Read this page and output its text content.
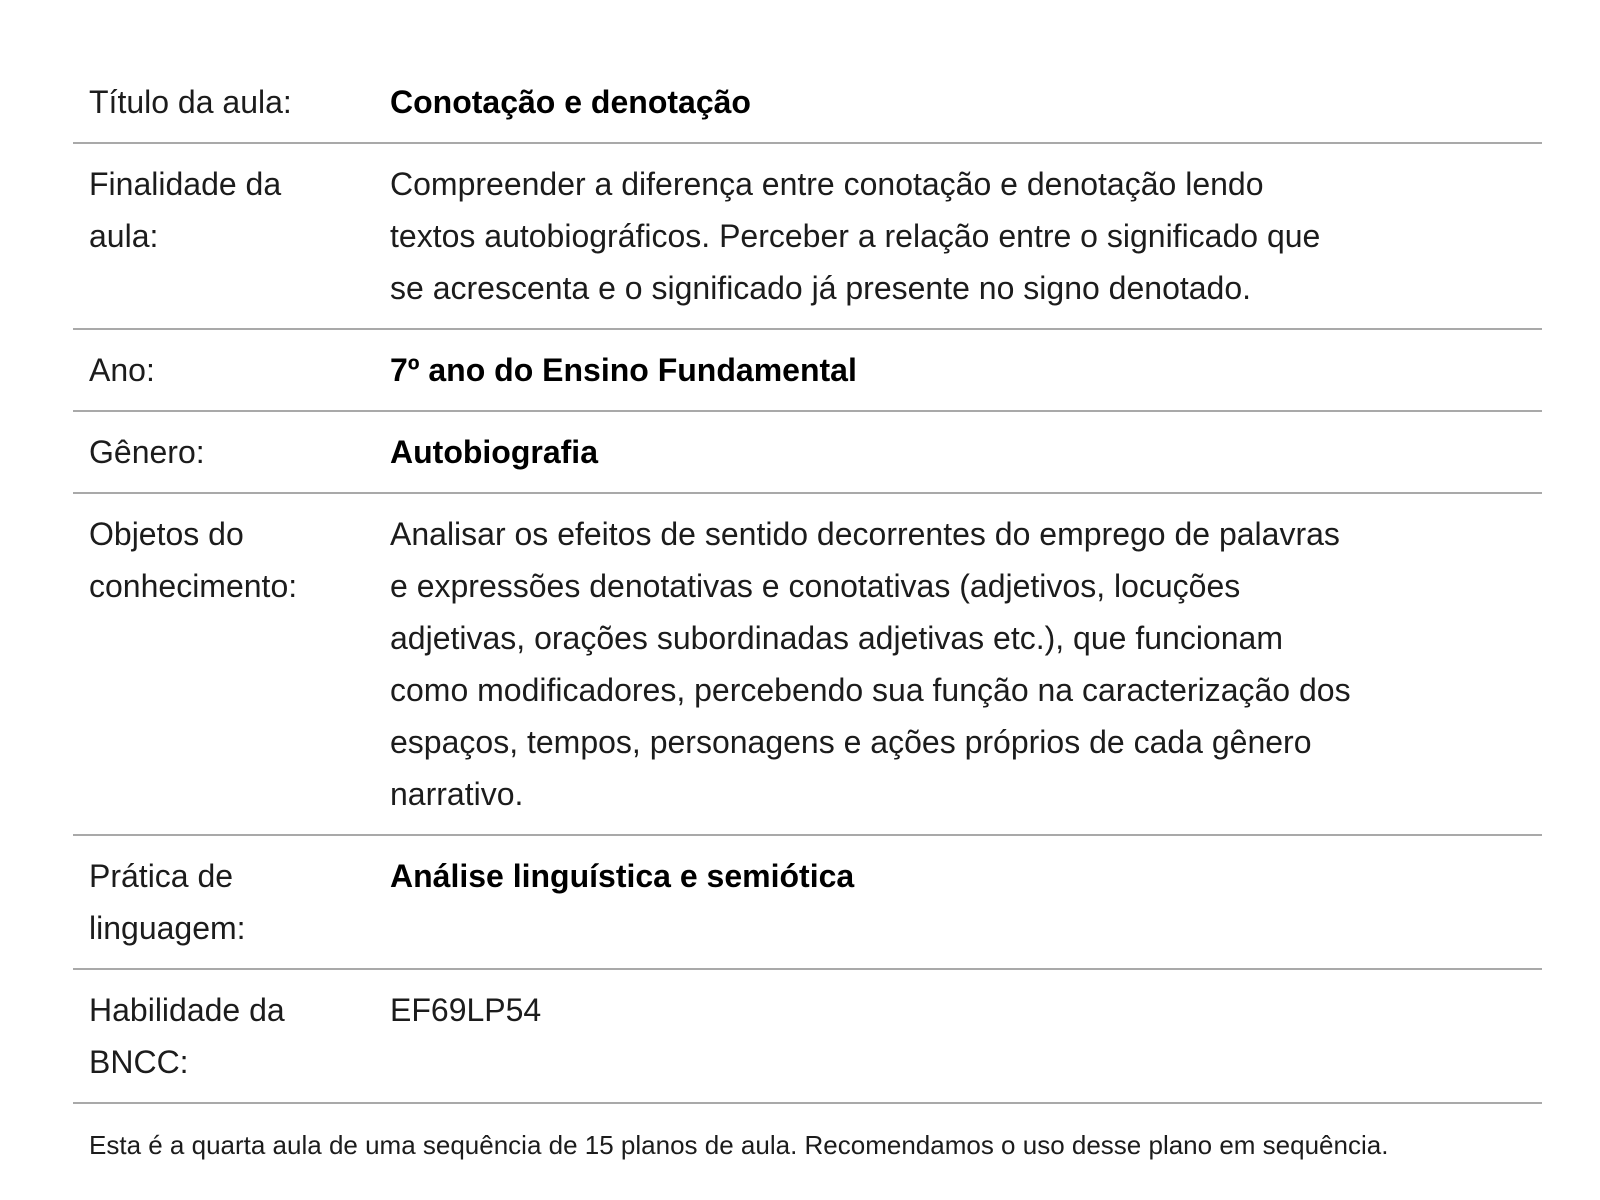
Título da aula:	Conotação e denotação
Finalidade da aula:
Compreender a diferença entre conotação e denotação lendo textos autobiográficos. Perceber a relação entre o significado que se acrescenta e o significado já presente no signo denotado.
Ano:	7º ano do Ensino Fundamental
Gênero:	Autobiografia
Objetos do conhecimento:
Analisar os efeitos de sentido decorrentes do emprego de palavras e expressões denotativas e conotativas (adjetivos, locuções adjetivas, orações subordinadas adjetivas etc.), que funcionam como modificadores, percebendo sua função na caracterização dos espaços, tempos, personagens e ações próprios de cada gênero narrativo.
Prática de linguagem:
Análise linguística e semiótica
Habilidade da BNCC:
EF69LP54
Esta é a quarta aula de uma sequência de 15 planos de aula. Recomendamos o uso desse plano em sequência.
